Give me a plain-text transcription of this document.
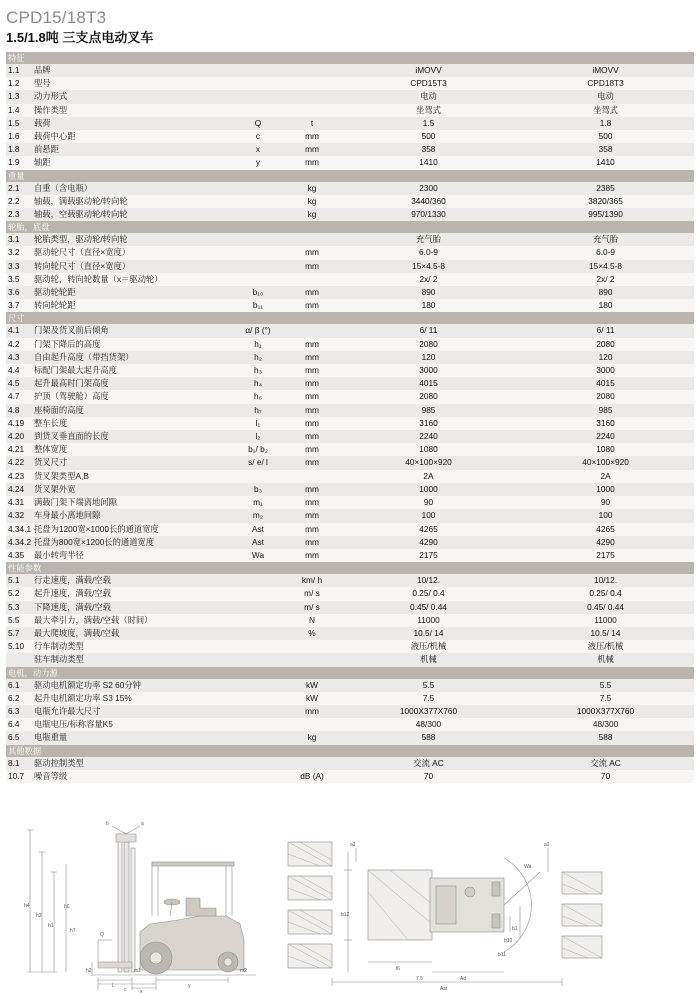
CPD15/18T3
1.5/1.8吨 三支点电动叉车
特征					
1.1	品牌			iMOVV	iMOVV
1.2	型号			CPD15T3	CPD18T3
1.3	动力形式			电动	电动
1.4	操作类型			坐驾式	坐驾式
1.5	载荷	Q	t	1.5	1.8
1.6	载荷中心距	c	mm	500	500
1.8	前悬距	x	mm	358	358
1.9	轴距	y	mm	1410	1410
重量					
2.1	自重（含电瓶）		kg	2300	2385
2.2	轴载，满载驱动轮/转向轮		kg	3440/360	3820/365
2.3	轴载，空载驱动轮/转向轮		kg	970/1330	995/1390
轮胎，底盘					
3.1	轮胎类型，驱动轮/转向轮			充气胎	充气胎
3.2	驱动轮尺寸（直径×宽度）		mm	6.0-9	6.0-9
3.3	转向轮尺寸（直径×宽度）		mm	15×4.5-8	15×4.5-8
3.5	驱动轮，转向轮数量（x＝驱动轮）			2x/ 2	2x/ 2
3.6	驱动轮轮距	b₁₀	mm	890	890
3.7	转向轮轮距	b₁₁	mm	180	180
尺寸					
4.1	门架及货叉前后倾角	α/ β (°)		6/ 11	6/ 11
4.2	门架下降后的高度	h₁	mm	2080	2080
4.3	自由起升高度（带挡货架）	h₂	mm	120	120
4.4	标配门架最大起升高度	h₃	mm	3000	3000
4.5	起升最高时门架高度	h₄	mm	4015	4015
4.7	护顶（驾驶舱）高度	h₆	mm	2080	2080
4.8	座椅面的高度	h₇	mm	985	985
4.19	整车长度	l₁	mm	3160	3160
4.20	到货叉垂直面的长度	l₂	mm	2240	2240
4.21	整体宽度	b₁/ b₂	mm	1080	1080
4.22	货叉尺寸	s/ e/ l	mm	40×100×920	40×100×920
4.23	货叉架类型A,B			2A	2A
4.24	货叉架外宽	b₃	mm	1000	1000
4.31	满载门架下端离地间隙	m₁	mm	90	90
4.32	车身最小离地间隙	m₂	mm	100	100
4.34.1	托盘为1200宽×1000长的通道宽度	Ast	mm	4265	4265
4.34.2	托盘为800宽×1200长的通道宽度	Ast	mm	4290	4290
4.35	最小转弯半径	Wa	mm	2175	2175
性能参数					
5.1	行走速度，满载/空载		km/ h	10/12.	10/12.
5.2	起升速度，满载/空载		m/ s	0.25/ 0.4	0.25/ 0.4
5.3	下降速度，满载/空载		m/ s	0.45/ 0.44	0.45/ 0.44
5.5	最大牵引力，满载/空载（时间）		N	11000	11000
5.7	最大爬坡度，满载/空载		%	10.5/ 14	10.5/ 14
5.10	行车制动类型			液压/机械	液压/机械
	驻车制动类型			机械	机械
电机，动力源					
6.1	驱动电机额定功率 S2 60分钟		kW	5.5	5.5
6.2	起升电机额定功率 S3 15%		kW	7.5	7.5
6.3	电瓶允许最大尺寸		mm	1000X377X760	1000X377X760
6.4	电瓶电压/标称容量K5			48/300	48/300
6.5	电瓶重量		kg	588	588
其他数据					
8.1	驱动控制类型			交流 AC	交流 AC
10.7	噪音等级		dB (A)	70	70
h4
h3
h1
a
b
h2
L
c
y
x
m2
m1
Q
h6
h7
Wa
b12
a2	a2
b1
b10
b11
l6
Ad
7.5
Ast
